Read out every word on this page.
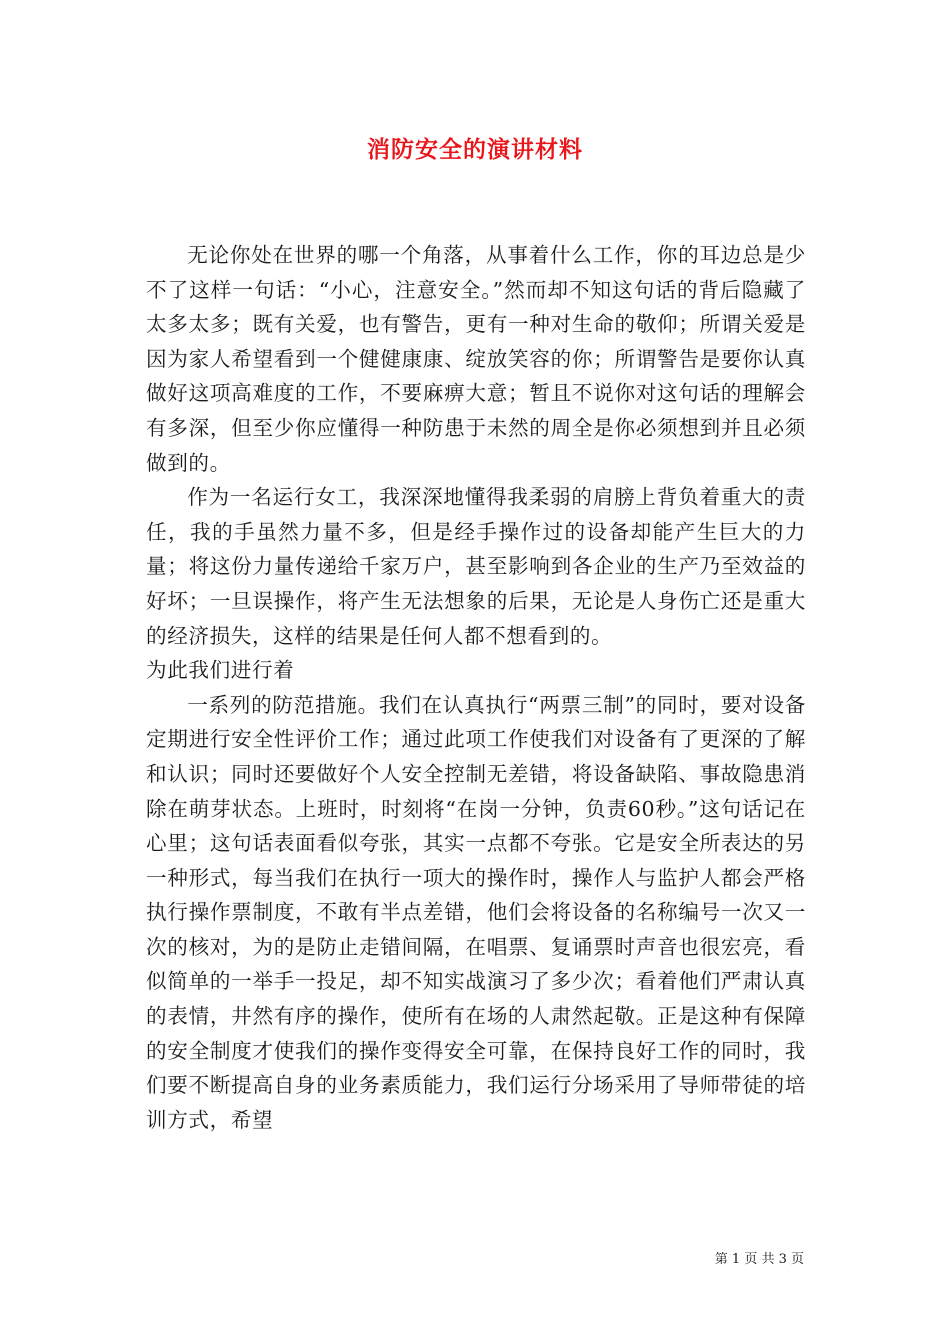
消防安全的演讲材料

无论你处在世界的哪一个角落，从事着什么工作，你的耳边总是少不了这样一句话：“小心，注意安全。”然而却不知这句话的背后隐藏了太多太多；既有关爱，也有警告，更有一种对生命的敬仰；所谓关爱是因为家人希望看到一个健健康康、绽放笑容的你；所谓警告是要你认真做好这项高难度的工作，不要麻痹大意；暂且不说你对这句话的理解会有多深，但至少你应懂得一种防患于未然的周全是你必须想到并且必须做到的。

作为一名运行女工，我深深地懂得我柔弱的肩膀上背负着重大的责任，我的手虽然力量不多，但是经手操作过的设备却能产生巨大的力量；将这份力量传递给千家万户，甚至影响到各企业的生产乃至效益的好坏；一旦误操作，将产生无法想象的后果，无论是人身伤亡还是重大的经济损失，这样的结果是任何人都不想看到的。

为此我们进行着

一系列的防范措施。我们在认真执行“两票三制”的同时，要对设备定期进行安全性评价工作；通过此项工作使我们对设备有了更深的了解和认识；同时还要做好个人安全控制无差错，将设备缺陷、事故隐患消除在萌芽状态。上班时，时刻将“在岗一分钟，负责60秒。”这句话记在心里；这句话表面看似夸张，其实一点都不夸张。它是安全所表达的另一种形式，每当我们在执行一项大的操作时，操作人与监护人都会严格执行操作票制度，不敢有半点差错，他们会将设备的名称编号一次又一次的核对，为的是防止走错间隔，在唱票、复诵票时声音也很宏亮，看似简单的一举手一投足，却不知实战演习了多少次；看着他们严肃认真的表情，井然有序的操作，使所有在场的人肃然起敬。正是这种有保障的安全制度才使我们的操作变得安全可靠，在保持良好工作的同时，我们要不断提高自身的业务素质能力，我们运行分场采用了导师带徒的培训方式，希望

第 1 页 共 3 页
